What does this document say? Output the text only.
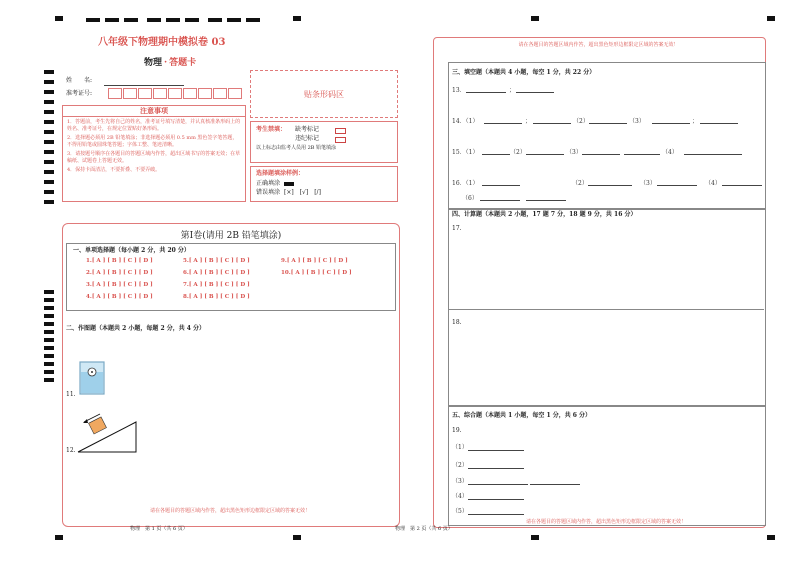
八年级下物理期中模拟卷 03
物理 · 答题卡
姓　　名:
准考证号:	贴条形码区
注意事项
1．答题前，考生先将自己的姓名，准考证号填写清楚，并认真核准条形码上的姓名、准考证号，在规定位置贴好条形码。
2．选择题必须用 2B 铅笔填涂；非选择题必须用 0.5 mm 黑色签字笔答题，不得用铅笔或圆珠笔答题；字体工整、笔迹清晰。
3．请按题号顺序在各题目的答题区域内作答，超出区域书写的答案无效；在草稿纸、试题卷上答题无效。
4．保持卡面清洁，不要折叠、不要弄破。
考生禁填： 缺考标记
违纪标记
以上标志由监考人员用 2B 铅笔填涂
选择题填涂样例：
正确填涂
错误填涂 [×]　[√]　[/]
第Ⅰ卷(请用 2B 铅笔填涂)
一、单项选择题（每小题 2 分，共 20 分）
1.[ A ] [ B ] [ C ] [ D ]	5.[ A ] [ B ] [ C ] [ D ]	9.[ A ] [ B ] [ C ] [ D ]
2.[ A ] [ B ] [ C ] [ D ]	6.[ A ] [ B ] [ C ] [ D ]	10.[ A ] [ B ] [ C ] [ D ]
3.[ A ] [ B ] [ C ] [ D ]	7.[ A ] [ B ] [ C ] [ D ]
4.[ A ] [ B ] [ C ] [ D ]	8.[ A ] [ B ] [ C ] [ D ]
二、作图题（本题共 2 小题，每题 2 分，共 4 分）
11.
12.
请在各题目的答题区域内作答，超出黑色矩形边框限定区域的答案无效！
物理　第 1 页（共 6 页）
请在各题目的答题区域内作答，超出黑色矩形边框限定区域的答案无效！
三、填空题（本题共 4 小题，每空 1 分，共 22 分）
13．	；
14．（1）	；	（2）	（3）	；
15．（1）	（2）	（3）	（4）
16．（1）	（2）	（3）	（4）
（6）
四、计算题（本题共 2 小题，17 题 7 分，18 题 9 分，共 16 分）
17.
18.
五、综合题（本题共 1 小题，每空 1 分，共 6 分）
19.
（1）
（2）
（3）
（4）
（5）
请在各题目的答题区域内作答，超出黑色矩形边框限定区域的答案无效！
物理　第 2 页（共 6 页）
